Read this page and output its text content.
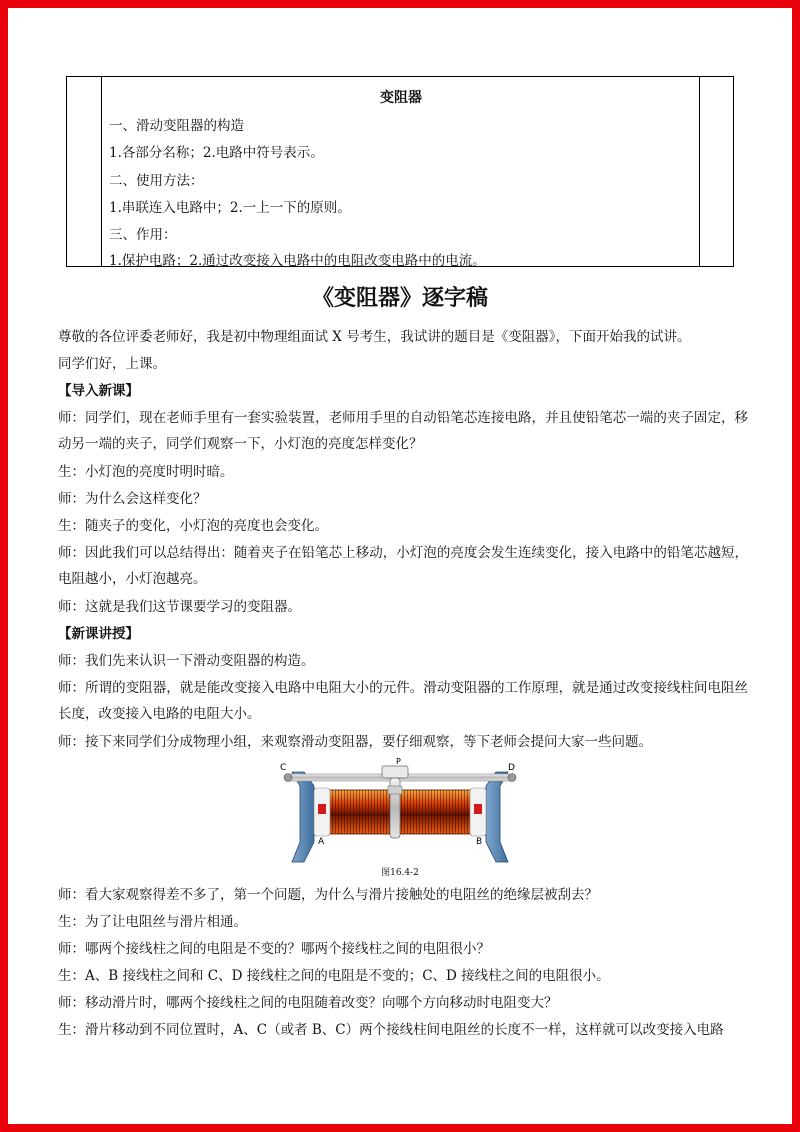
变阻器
一、滑动变阻器的构造
1.各部分名称；2.电路中符号表示。
二、使用方法：
1.串联连入电路中；2.一上一下的原则。
三、作用：
1.保护电路；2.通过改变接入电路中的电阻改变电路中的电流。
《变阻器》逐字稿
尊敬的各位评委老师好，我是初中物理组面试 X 号考生，我试讲的题目是《变阻器》，下面开始我的试讲。
同学们好，上课。
【导入新课】
师：同学们，现在老师手里有一套实验装置，老师用手里的自动铅笔芯连接电路，并且使铅笔芯一端的夹子固定，移动另一端的夹子，同学们观察一下，小灯泡的亮度怎样变化？
生：小灯泡的亮度时明时暗。
师：为什么会这样变化？
生：随夹子的变化，小灯泡的亮度也会变化。
师：因此我们可以总结得出：随着夹子在铅笔芯上移动，小灯泡的亮度会发生连续变化，接入电路中的铅笔芯越短，电阻越小，小灯泡越亮。
师：这就是我们这节课要学习的变阻器。
【新课讲授】
师：我们先来认识一下滑动变阻器的构造。
师：所谓的变阻器，就是能改变接入电路中电阻大小的元件。滑动变阻器的工作原理，就是通过改变接线柱间电阻丝长度，改变接入电路的电阻大小。
师：接下来同学们分成物理小组，来观察滑动变阻器，要仔细观察，等下老师会提问大家一些问题。
C	D
P
A	B
图16.4-2
师：看大家观察得差不多了，第一个问题，为什么与滑片接触处的电阻丝的绝缘层被刮去？
生：为了让电阻丝与滑片相通。
师：哪两个接线柱之间的电阻是不变的？哪两个接线柱之间的电阻很小？
生：A、B 接线柱之间和 C、D 接线柱之间的电阻是不变的；C、D 接线柱之间的电阻很小。
师：移动滑片时，哪两个接线柱之间的电阻随着改变？向哪个方向移动时电阻变大？
生：滑片移动到不同位置时，A、C（或者 B、C）两个接线柱间电阻丝的长度不一样，这样就可以改变接入电路
